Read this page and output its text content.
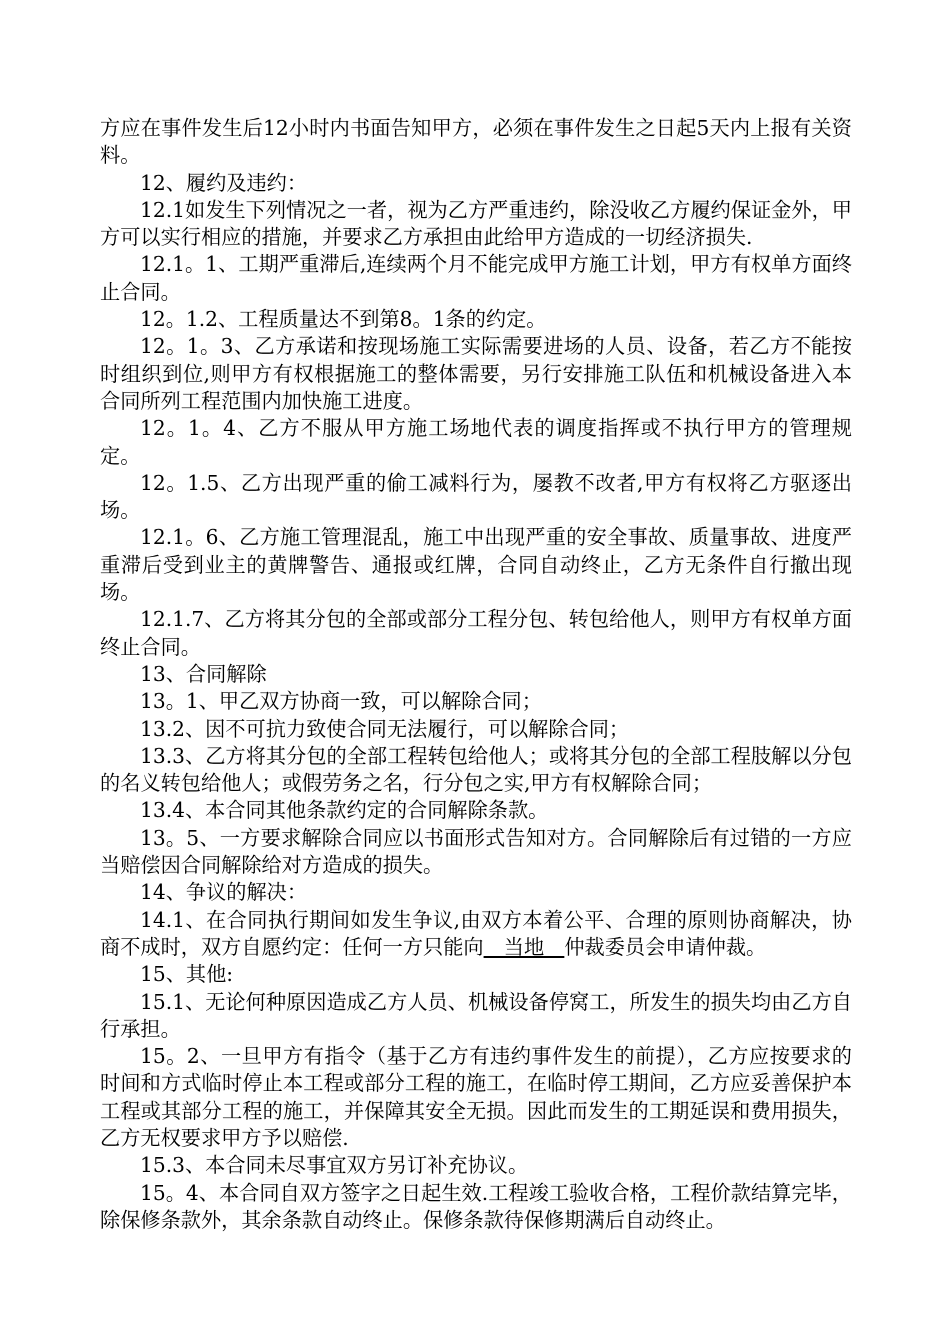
方应在事件发生后12小时内书面告知甲方，必须在事件发生之日起5天内上报有关资料。

12、履约及违约：

12.1如发生下列情况之一者，视为乙方严重违约，除没收乙方履约保证金外，甲方可以实行相应的措施，并要求乙方承担由此给甲方造成的一切经济损失.

12.1。1、工期严重滞后,连续两个月不能完成甲方施工计划，甲方有权单方面终止合同。

12。1.2、工程质量达不到第8。1条的约定。

12。1。3、乙方承诺和按现场施工实际需要进场的人员、设备，若乙方不能按时组织到位,则甲方有权根据施工的整体需要，另行安排施工队伍和机械设备进入本合同所列工程范围内加快施工进度。

12。1。4、乙方不服从甲方施工场地代表的调度指挥或不执行甲方的管理规定。

12。1.5、乙方出现严重的偷工减料行为，屡教不改者,甲方有权将乙方驱逐出场。

12.1。6、乙方施工管理混乱，施工中出现严重的安全事故、质量事故、进度严重滞后受到业主的黄牌警告、通报或红牌，合同自动终止，乙方无条件自行撤出现场。

12.1.7、乙方将其分包的全部或部分工程分包、转包给他人，则甲方有权单方面终止合同。

13、合同解除

13。1、甲乙双方协商一致，可以解除合同；

13.2、因不可抗力致使合同无法履行，可以解除合同；

13.3、乙方将其分包的全部工程转包给他人；或将其分包的全部工程肢解以分包的名义转包给他人；或假劳务之名，行分包之实,甲方有权解除合同；

13.4、本合同其他条款约定的合同解除条款。

13。5、一方要求解除合同应以书面形式告知对方。合同解除后有过错的一方应当赔偿因合同解除给对方造成的损失。

14、争议的解决：

14.1、在合同执行期间如发生争议,由双方本着公平、合理的原则协商解决，协商不成时，双方自愿约定：任何一方只能向　当地　仲裁委员会申请仲裁。

15、其他:

15.1、无论何种原因造成乙方人员、机械设备停窝工，所发生的损失均由乙方自行承担。

15。2、一旦甲方有指令（基于乙方有违约事件发生的前提），乙方应按要求的时间和方式临时停止本工程或部分工程的施工，在临时停工期间，乙方应妥善保护本工程或其部分工程的施工，并保障其安全无损。因此而发生的工期延误和费用损失，乙方无权要求甲方予以赔偿.

15.3、本合同未尽事宜双方另订补充协议。

15。4、本合同自双方签字之日起生效.工程竣工验收合格，工程价款结算完毕，除保修条款外，其余条款自动终止。保修条款待保修期满后自动终止。
